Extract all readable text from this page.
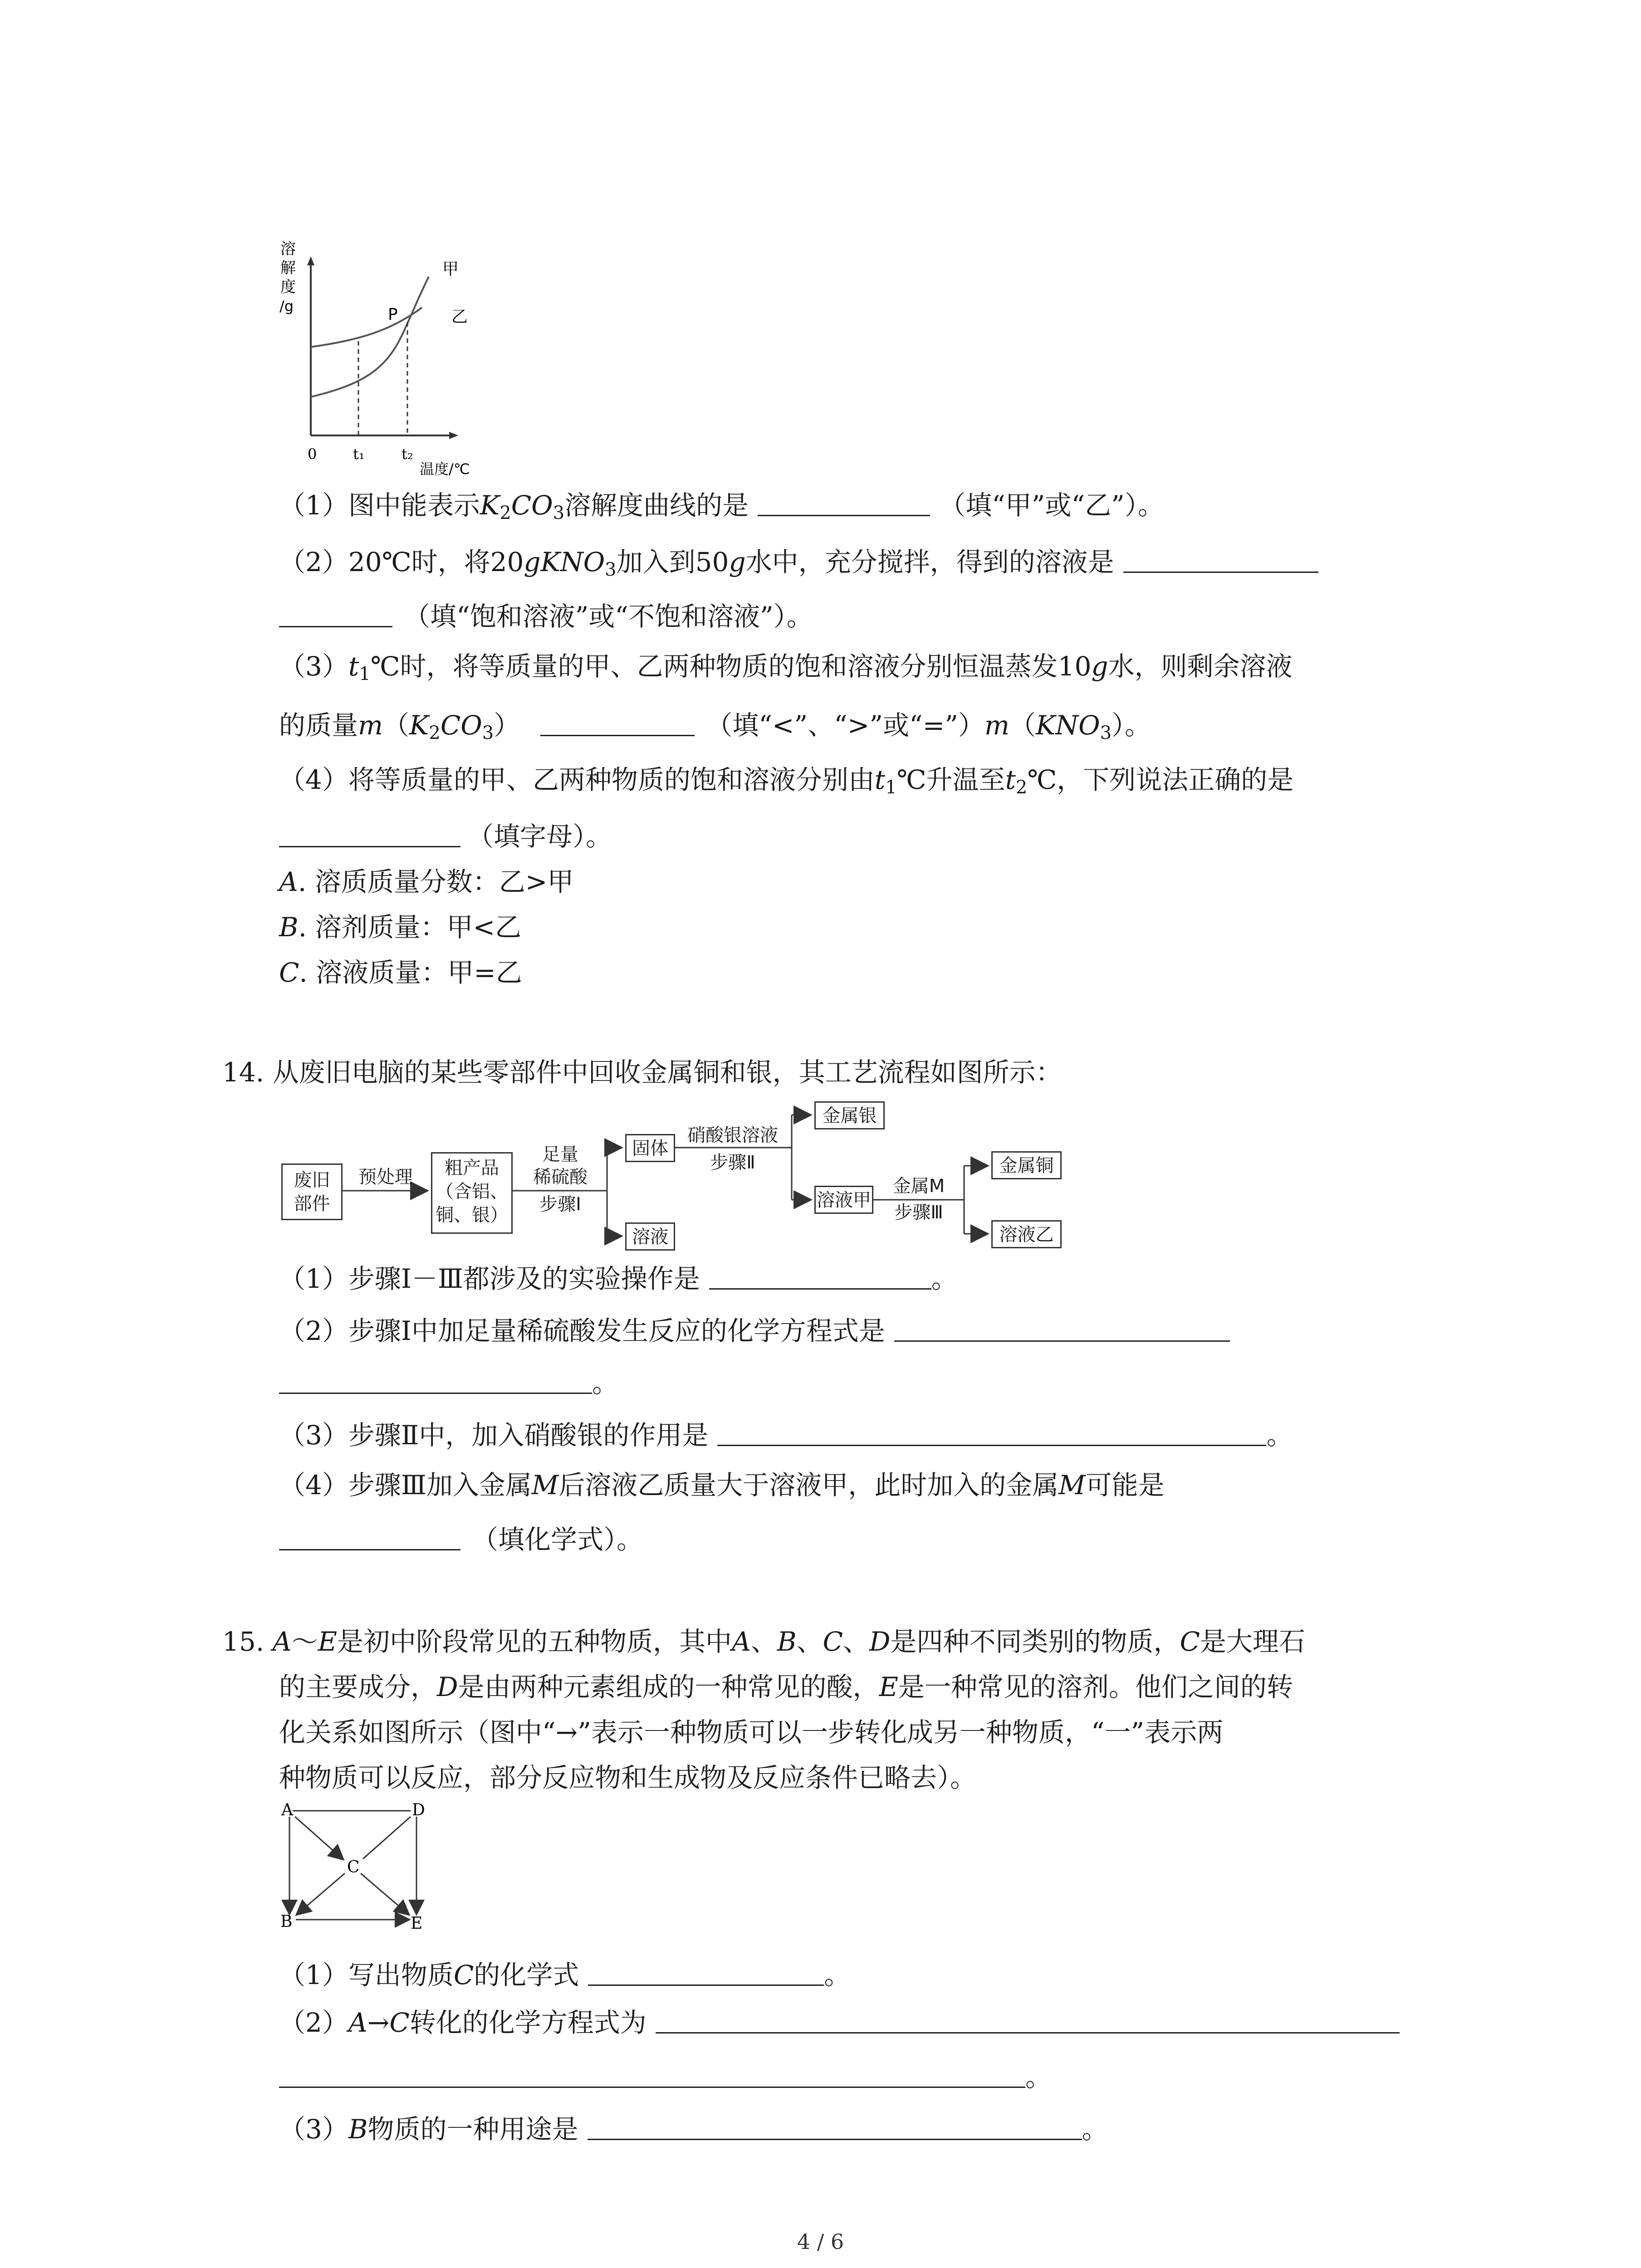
溶
解
度
/g
甲
乙
P
0 t₁	t₂
温度/℃
（1）图中能表示$K_2CO_3$溶解度曲线的是	（填“甲”或“乙”）。
（2）20℃时，将20gKNO$_3$加入到50g水中，充分搅拌，得到的溶液是
（填“饱和溶液”或“不饱和溶液”）。
$(3)t_1℃$时，将等质量的甲、乙两种物质的饱和溶液分别恒温蒸发10g水，则剩余溶液
的质量$m(K_2CO_3)$	（填“<”、“>”或“$=”)m(KNO_3)$。
（4）将等质量的甲、乙两种物质的饱和溶液分别由$t_1℃$升温至$t_2℃$，下列说法正确的是
（填字母）。
A. 溶质质量分数：乙>甲
B. 溶剂质量：甲<乙
C. 溶液质量：甲=乙
14. 从废旧电脑的某些零部件中回收金属铜和银，其工艺流程如图所示：
废旧
部件
预处理	粗产品
（含铝、
铜、银）
足量
稀硫酸
步骤Ⅰ
固体
溶液
硝酸银溶液
步骤Ⅱ
金属银
溶液甲
金属M
步骤Ⅲ
金属铜
溶液乙
（1）步骤Ⅰ－Ⅲ都涉及的实验操作是	。
（2）步骤Ⅰ中加足量稀硫酸发生反应的化学方程式是
。
（3）步骤Ⅱ中，加入硝酸银的作用是	。
（4）步骤Ⅲ加入金属M后溶液乙质量大于溶液甲，此时加入的金属M可能是
（填化学式）。
15. A～E是初中阶段常见的五种物质，其中A、B、C、D是四种不同类别的物质，C是大理石
的主要成分，D是由两种元素组成的一种常见的酸，E是一种常见的溶剂。他们之间的转
化关系如图所示（图中“→”表示一种物质可以一步转化成另一种物质，“一”表示两
种物质可以反应，部分反应物和生成物及反应条件已略去）。
A	D
C
B	E
（1）写出物质C的化学式	。
（2）A→C转化的化学方程式为
。
（3）B物质的一种用途是	。
4 / 6
